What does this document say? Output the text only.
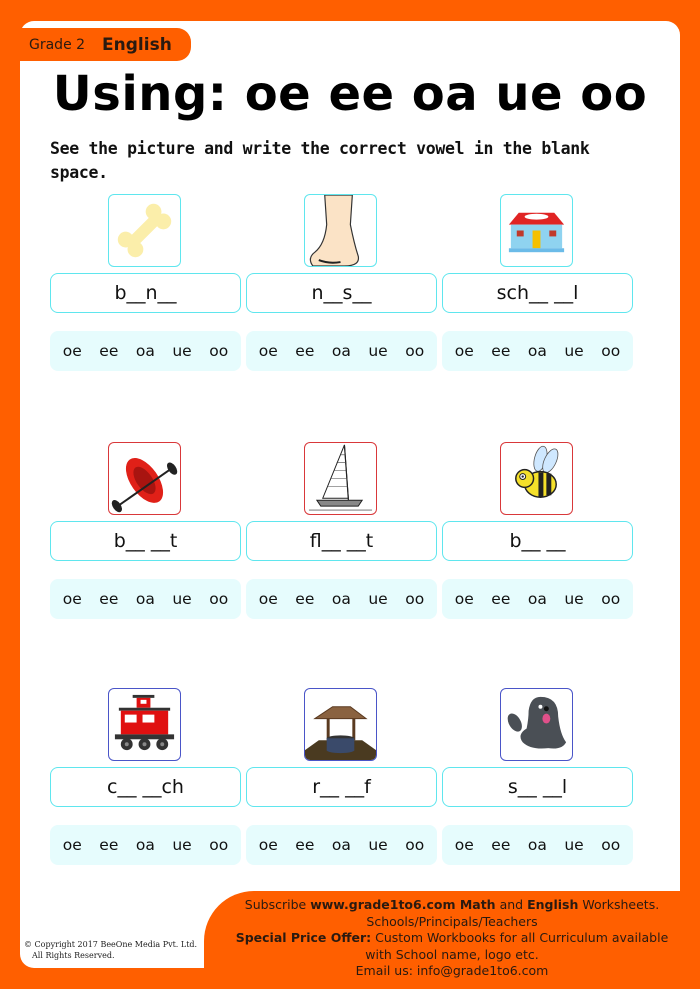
Grade 2 English
Using: oe ee oa ue oo
See the picture and write the correct vowel in the blank space.
b__n__
oe ee oa ue oo
n__s__
oe ee oa ue oo
sch__ __l
oe ee oa ue oo
b__ __t
oe ee oa ue oo
fl__ __t
oe ee oa ue oo
b__ __
oe ee oa ue oo
c__ __ch
oe ee oa ue oo
r__ __f
oe ee oa ue oo
s__ __l
oe ee oa ue oo
© Copyright 2017 BeeOne Media Pvt. Ltd.
All Rights Reserved.
Subscribe www.grade1to6.com Math and English Worksheets.
Schools/Principals/Teachers
Special Price Offer: Custom Workbooks for all Curriculum available
with School name, logo etc.
Email us: info@grade1to6.com
